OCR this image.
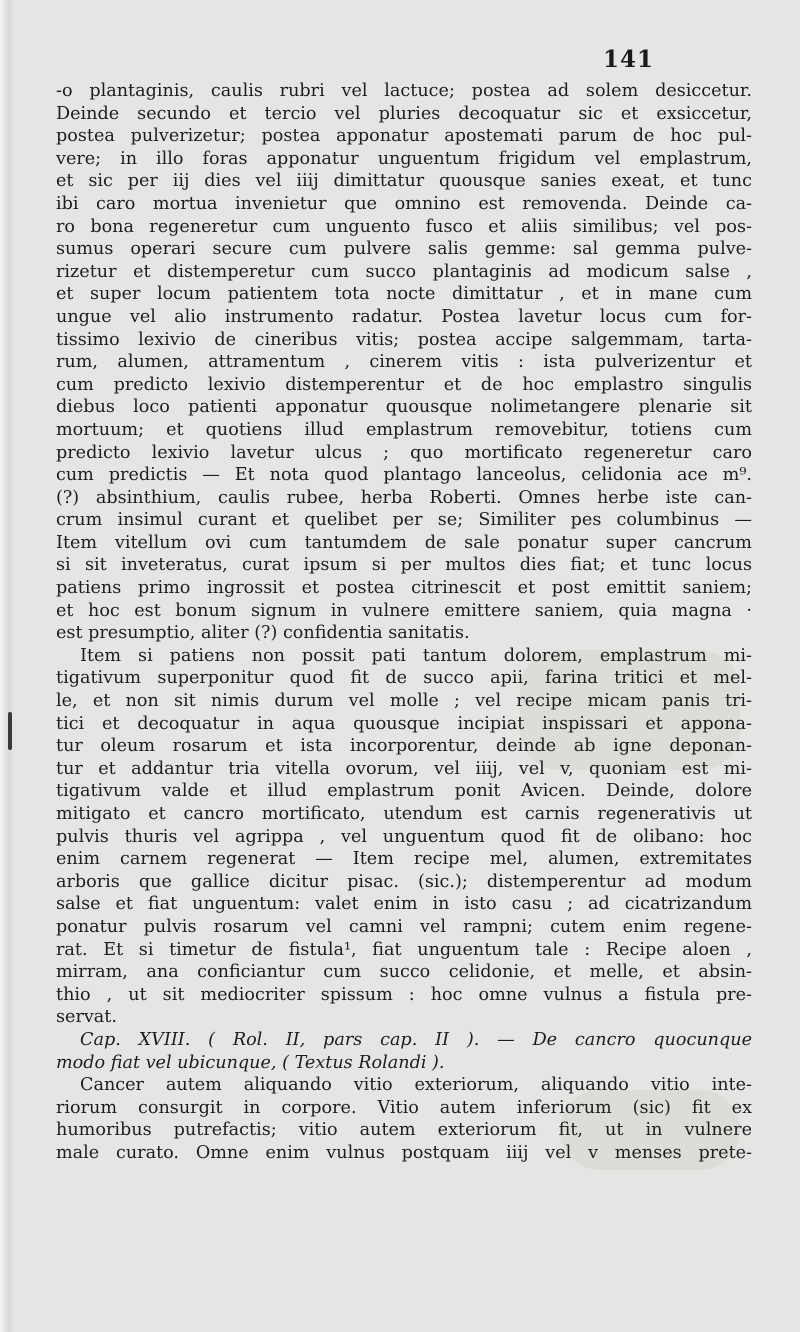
141
-o plantaginis, caulis rubri vel lactuce; postea ad solem desiccetur.
Deinde secundo et tercio vel pluries decoquatur sic et exsiccetur,
postea pulverizetur; postea apponatur apostemati parum de hoc pul-
vere; in illo foras apponatur unguentum frigidum vel emplastrum,
et sic per iij dies vel iiij dimittatur quousque sanies exeat, et tunc
ibi caro mortua invenietur que omnino est removenda. Deinde ca-
ro bona regeneretur cum unguento fusco et aliis similibus; vel pos-
sumus operari secure cum pulvere salis gemme: sal gemma pulve-
rizetur et distemperetur cum succo plantaginis ad modicum salse ,
et super locum patientem tota nocte dimittatur , et in mane cum
ungue vel alio instrumento radatur. Postea lavetur locus cum for-
tissimo lexivio de cineribus vitis; postea accipe salgemmam, tarta-
rum, alumen, attramentum , cinerem vitis : ista pulverizentur et
cum predicto lexivio distemperentur et de hoc emplastro singulis
diebus loco patienti apponatur quousque nolimetangere plenarie sit
mortuum; et quotiens illud emplastrum removebitur, totiens cum
predicto lexivio lavetur ulcus ; quo mortificato regeneretur caro
cum predictis — Et nota quod plantago lanceolus, celidonia ace m⁹.
(?) absinthium, caulis rubee, herba Roberti. Omnes herbe iste can-
crum insimul curant et quelibet per se; Similiter pes columbinus —
Item vitellum ovi cum tantumdem de sale ponatur super cancrum
si sit inveteratus, curat ipsum si per multos dies fiat; et tunc locus
patiens primo ingrossit et postea citrinescit et post emittit saniem;
et hoc est bonum signum in vulnere emittere saniem, quia magna ·
est presumptio, aliter (?) confidentia sanitatis.
Item si patiens non possit pati tantum dolorem, emplastrum mi-
tigativum superponitur quod fit de succo apii, farina tritici et mel-
le, et non sit nimis durum vel molle ; vel recipe micam panis tri-
tici et decoquatur in aqua quousque incipiat inspissari et appona-
tur oleum rosarum et ista incorporentur, deinde ab igne deponan-
tur et addantur tria vitella ovorum, vel iiij, vel v, quoniam est mi-
tigativum valde et illud emplastrum ponit Avicen. Deinde, dolore
mitigato et cancro mortificato, utendum est carnis regenerativis ut
pulvis thuris vel agrippa , vel unguentum quod fit de olibano: hoc
enim carnem regenerat — Item recipe mel, alumen, extremitates
arboris que gallice dicitur pisac. (sic.); distemperentur ad modum
salse et fiat unguentum: valet enim in isto casu ; ad cicatrizandum
ponatur pulvis rosarum vel camni vel rampni; cutem enim regene-
rat. Et si timetur de fistula¹, fiat unguentum tale : Recipe aloen ,
mirram, ana conficiantur cum succo celidonie, et melle, et absin-
thio , ut sit mediocriter spissum : hoc omne vulnus a fistula pre-
servat.
Cap. XVIII. ( Rol. II, pars cap. II ). — De cancro quocunque
modo fiat vel ubicunque, ( Textus Rolandi ).
Cancer autem aliquando vitio exteriorum, aliquando vitio inte-
riorum consurgit in corpore. Vitio autem inferiorum (sic) fit ex
humoribus putrefactis; vitio autem exteriorum fit, ut in vulnere
male curato. Omne enim vulnus postquam iiij vel v menses prete-
